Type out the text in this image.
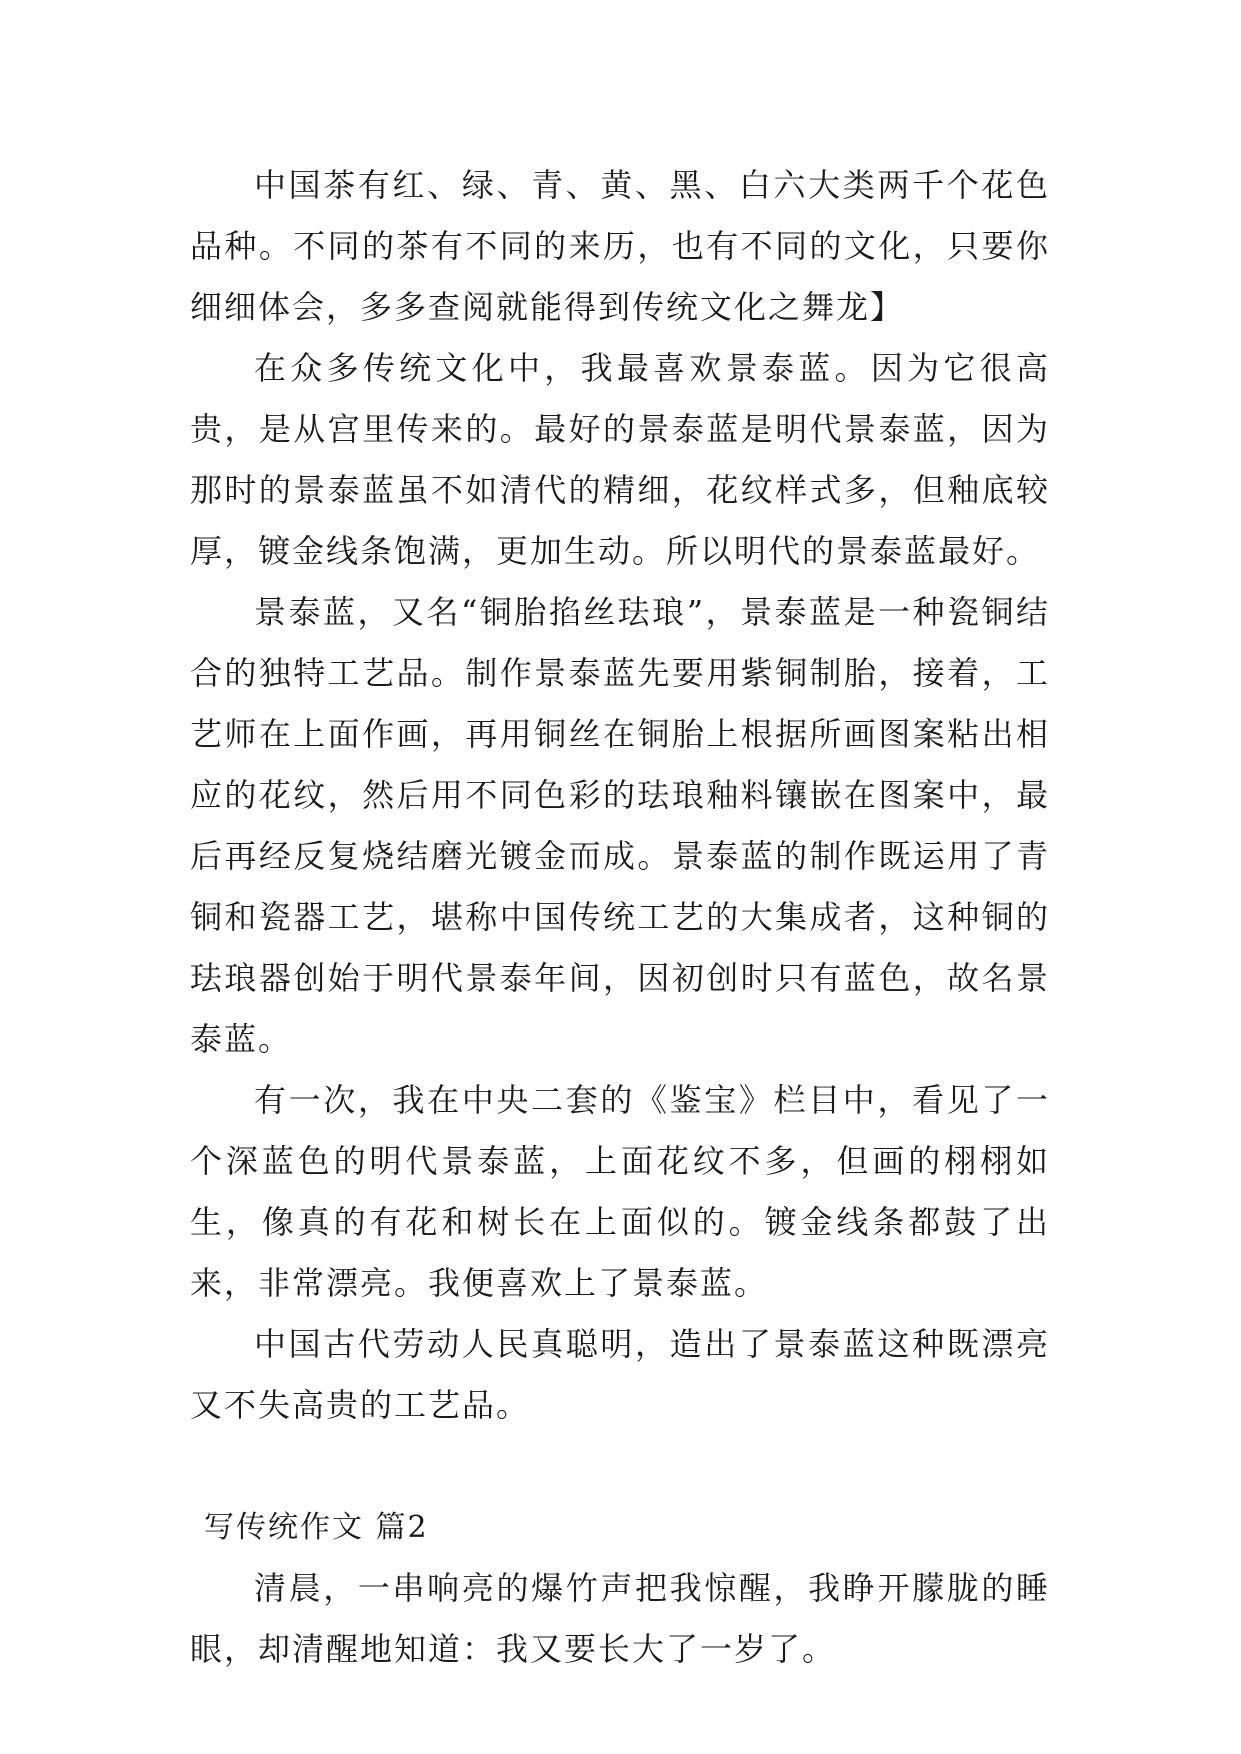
中国茶有红、绿、青、黄、黑、白六大类两千个花色品种。不同的茶有不同的来历，也有不同的文化，只要你细细体会，多多查阅就能得到传统文化之舞龙】

在众多传统文化中，我最喜欢景泰蓝。因为它很高贵，是从宫里传来的。最好的景泰蓝是明代景泰蓝，因为那时的景泰蓝虽不如清代的精细，花纹样式多，但釉底较厚，镀金线条饱满，更加生动。所以明代的景泰蓝最好。

景泰蓝，又名“铜胎掐丝珐琅”，景泰蓝是一种瓷铜结合的独特工艺品。制作景泰蓝先要用紫铜制胎，接着，工艺师在上面作画，再用铜丝在铜胎上根据所画图案粘出相应的花纹，然后用不同色彩的珐琅釉料镶嵌在图案中，最后再经反复烧结磨光镀金而成。景泰蓝的制作既运用了青铜和瓷器工艺，堪称中国传统工艺的大集成者，这种铜的珐琅器创始于明代景泰年间，因初创时只有蓝色，故名景泰蓝。

有一次，我在中央二套的《鉴宝》栏目中，看见了一个深蓝色的明代景泰蓝，上面花纹不多，但画的栩栩如生，像真的有花和树长在上面似的。镀金线条都鼓了出来，非常漂亮。我便喜欢上了景泰蓝。

中国古代劳动人民真聪明，造出了景泰蓝这种既漂亮又不失高贵的工艺品。

写传统作文 篇2

清晨，一串响亮的爆竹声把我惊醒，我睁开朦胧的睡眼，却清醒地知道：我又要长大了一岁了。
